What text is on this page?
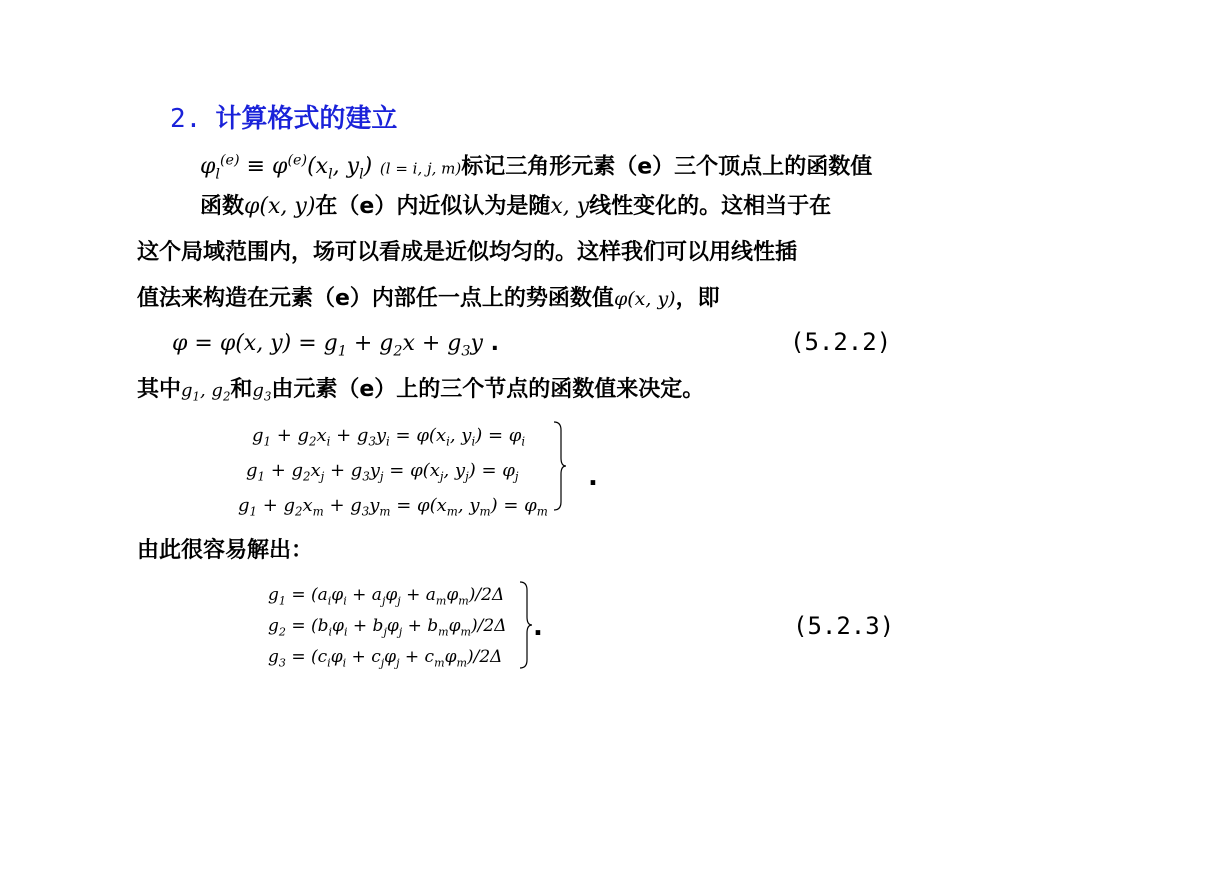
2. 计算格式的建立
$\varphi_l^{(e)} \equiv \varphi^{(e)}(x_l$, $y_l$) (l = i, j, m)标记三角形元素（e）三个顶点上的函数值
函数φ(x, y)在（e）内近似认为是随x, y线性变化的。这相当于在
这个局域范围内，场可以看成是近似均匀的。这样我们可以用线性插
值法来构造在元素（e）内部任一点上的势函数值φ(x, y)，即
φ = φ(x, $y) = g_1 + g_2x + g_3y$ .	(5.2.2)
其中$g_1$, $g_2$和$g_3$由元素（e）上的三个节点的函数值来决定。
$g_1 + g_2x_i + g_3y_i = \varphi(x_i$, $y_i) = \varphi_i$
$g_1 + g_2x_j + g_3y_j = \varphi(x_j$, $y_j) = \varphi_j$
$g_1 + g_2x_m + g_3y_m = \varphi(x_m$, $y_m) = \varphi_m$
.
由此很容易解出：
$g_1 = (a_i\varphi_i + a_j\varphi_j + a_m\varphi_m)/2\Delta$
$g_2 = (b_i\varphi_i + b_j\varphi_j + b_m\varphi_m)/2\Delta$
$g_3 = (c_i\varphi_i + c_j\varphi_j + c_m\varphi_m)/2\Delta$
.	(5.2.3)
